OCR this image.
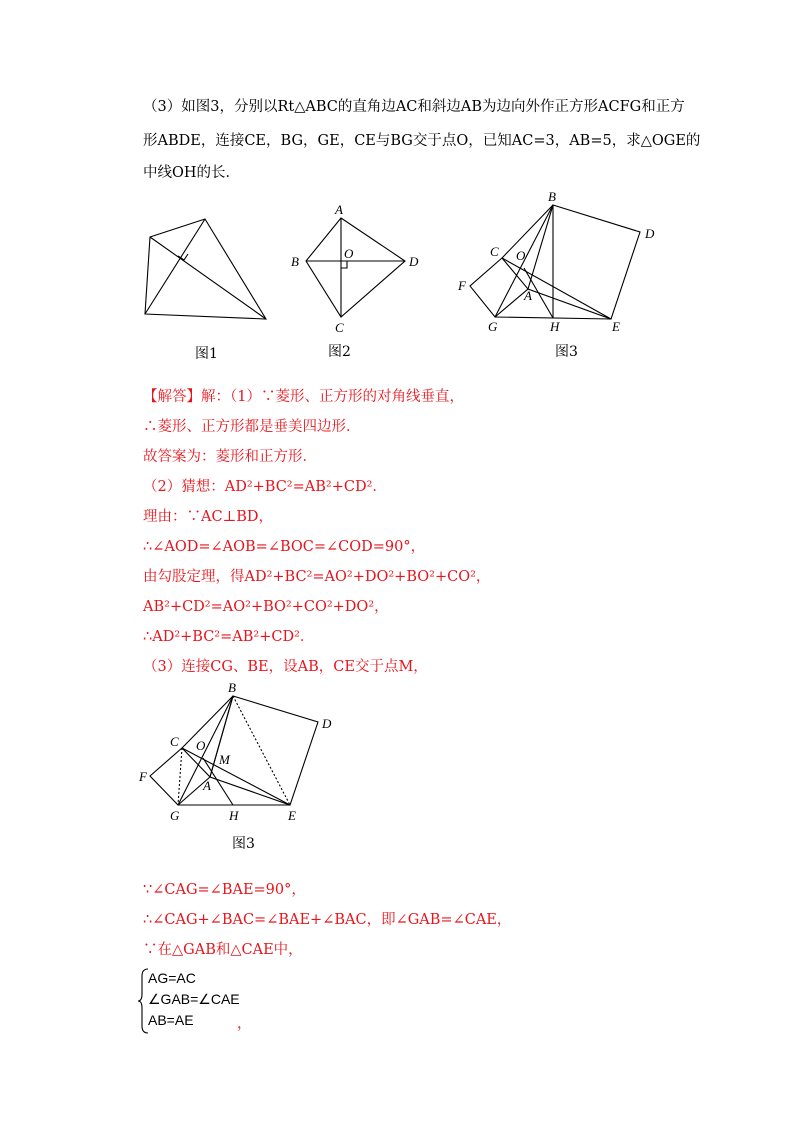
（3）如图3，分别以Rt△ABC的直角边AC和斜边AB为边向外作正方形ACFG和正方
形ABDE，连接CE，BG，GE，CE与BG交于点O，已知AC=3，AB=5，求△OGE的
中线OH的长．
A
B
C
D
O
B
C
D
O
F
A
G	H	E
B
C
D
O
M
F
A
G	H	E
图1	图2	图3
【解答】解：（1）∵菱形、正方形的对角线垂直，
∴菱形、正方形都是垂美四边形．
故答案为：菱形和正方形．
（2）猜想：AD²+BC²=AB²+CD²．
理由：∵AC⊥BD，
∴∠AOD=∠AOB=∠BOC=∠COD=90°，
由勾股定理，得AD²+BC²=AO²+DO²+BO²+CO²，
AB²+CD²=AO²+BO²+CO²+DO²，
∴AD²+BC²=AB²+CD²．
（3）连接CG、BE，设AB，CE交于点M，
图3
∵∠CAG=∠BAE=90°，
∴∠CAG+∠BAC=∠BAE+∠BAC，即∠GAB=∠CAE，
∵在△GAB和△CAE中，
AG=AC
∠GAB=∠CAE
AB=AE	，
